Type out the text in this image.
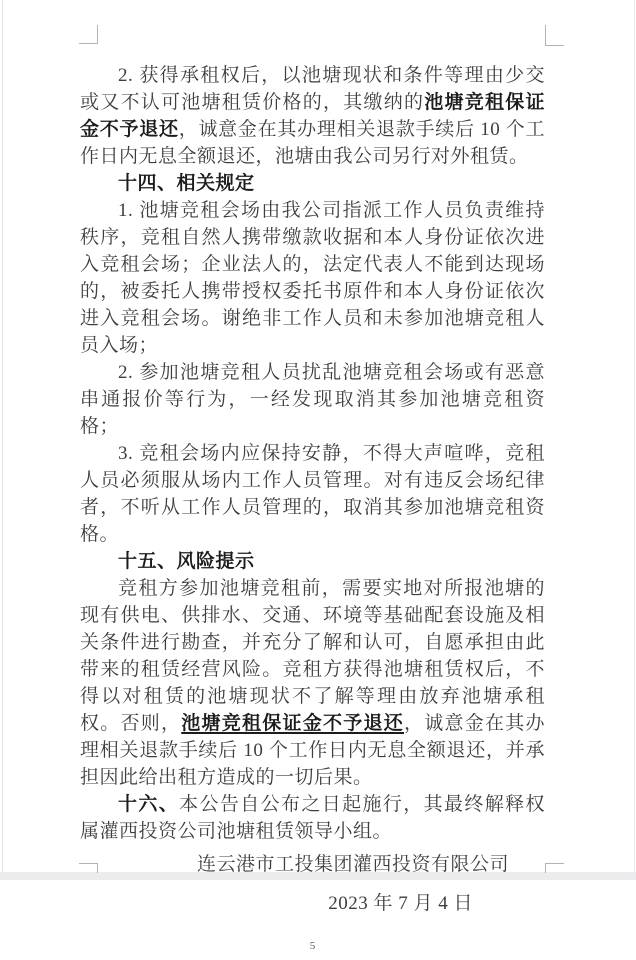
2. 获得承租权后，以池塘现状和条件等理由少交或又不认可池塘租赁价格的，其缴纳的池塘竞租保证金不予退还，诚意金在其办理相关退款手续后 10 个工作日内无息全额退还，池塘由我公司另行对外租赁。

十四、相关规定

1. 池塘竞租会场由我公司指派工作人员负责维持秩序，竞租自然人携带缴款收据和本人身份证依次进入竞租会场；企业法人的，法定代表人不能到达现场的，被委托人携带授权委托书原件和本人身份证依次进入竞租会场。谢绝非工作人员和未参加池塘竞租人员入场；

2. 参加池塘竞租人员扰乱池塘竞租会场或有恶意串通报价等行为，一经发现取消其参加池塘竞租资格；

3. 竞租会场内应保持安静，不得大声喧哗，竞租人员必须服从场内工作人员管理。对有违反会场纪律者，不听从工作人员管理的，取消其参加池塘竞租资格。

十五、风险提示

竞租方参加池塘竞租前，需要实地对所报池塘的现有供电、供排水、交通、环境等基础配套设施及相关条件进行勘查，并充分了解和认可，自愿承担由此带来的租赁经营风险。竞租方获得池塘租赁权后，不得以对租赁的池塘现状不了解等理由放弃池塘承租权。否则，池塘竞租保证金不予退还，诚意金在其办理相关退款手续后 10 个工作日内无息全额退还，并承担因此给出租方造成的一切后果。

十六、本公告自公布之日起施行，其最终解释权属灌西投资公司池塘租赁领导小组。

连云港市工投集团灌西投资有限公司

2023 年 7 月 4 日

5
